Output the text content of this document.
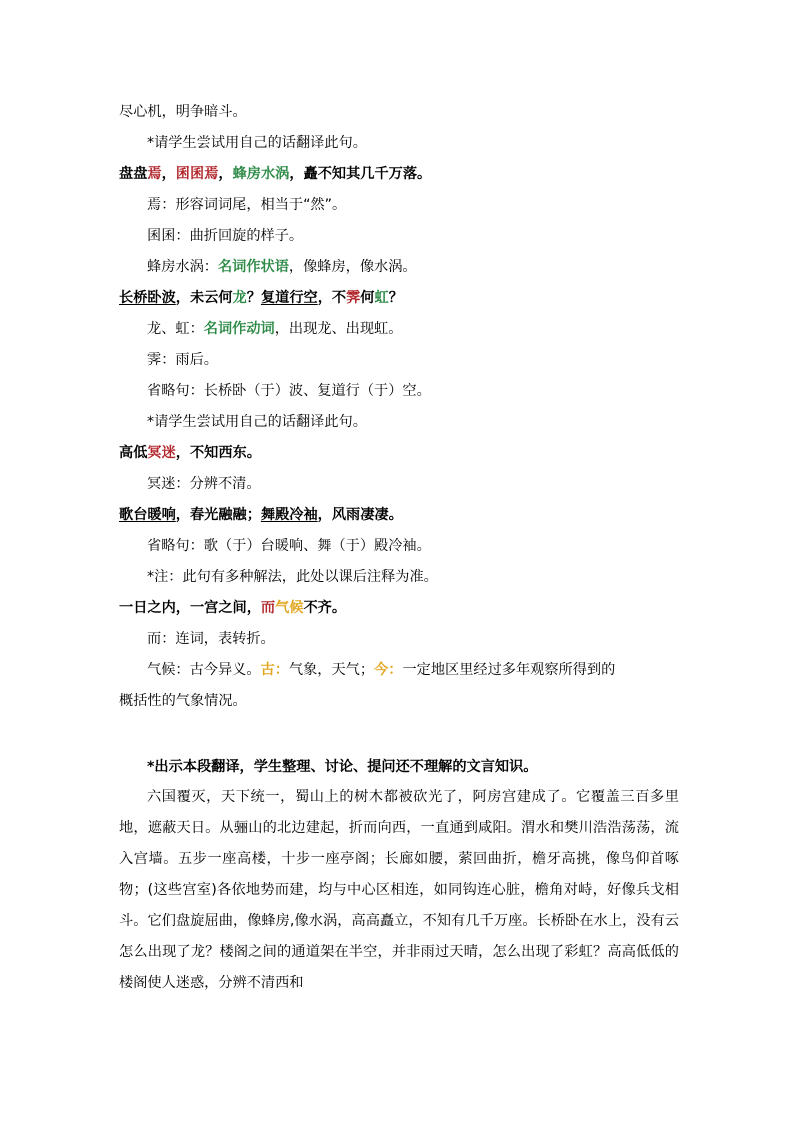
尽心机，明争暗斗。
*请学生尝试用自己的话翻译此句。
盘盘焉，囷囷焉，蜂房水涡，矗不知其几千万落。
焉：形容词词尾，相当于“然”。
囷囷：曲折回旋的样子。
蜂房水涡：名词作状语，像蜂房，像水涡。
长桥卧波，未云何龙？复道行空，不霁何虹？
龙、虹：名词作动词，出现龙、出现虹。
霁：雨后。
省略句：长桥卧（于）波、复道行（于）空。
*请学生尝试用自己的话翻译此句。
高低冥迷，不知西东。
冥迷：分辨不清。
歌台暖响，春光融融；舞殿冷袖，风雨凄凄。
省略句：歌（于）台暖响、舞（于）殿冷袖。
*注：此句有多种解法，此处以课后注释为准。
一日之内，一宫之间，而气候不齐。
而：连词，表转折。
气候：古今异义。古：气象，天气；今：一定地区里经过多年观察所得到的
概括性的气象情况。
*出示本段翻译，学生整理、讨论、提问还不理解的文言知识。
六国覆灭，天下统一，蜀山上的树木都被砍光了，阿房宫建成了。它覆盖三百多里地，遮蔽天日。从骊山的北边建起，折而向西，一直通到咸阳。渭水和樊川浩浩荡荡，流入宫墙。五步一座高楼，十步一座亭阁；长廊如腰，萦回曲折，檐牙高挑，像鸟仰首啄物；(这些宫室)各依地势而建，均与中心区相连，如同钩连心脏，檐角对峙，好像兵戈相斗。它们盘旋屈曲，像蜂房,像水涡，高高矗立，不知有几千万座。长桥卧在水上，没有云怎么出现了龙？楼阁之间的通道架在半空，并非雨过天晴，怎么出现了彩虹？高高低低的楼阁使人迷惑，分辨不清西和
